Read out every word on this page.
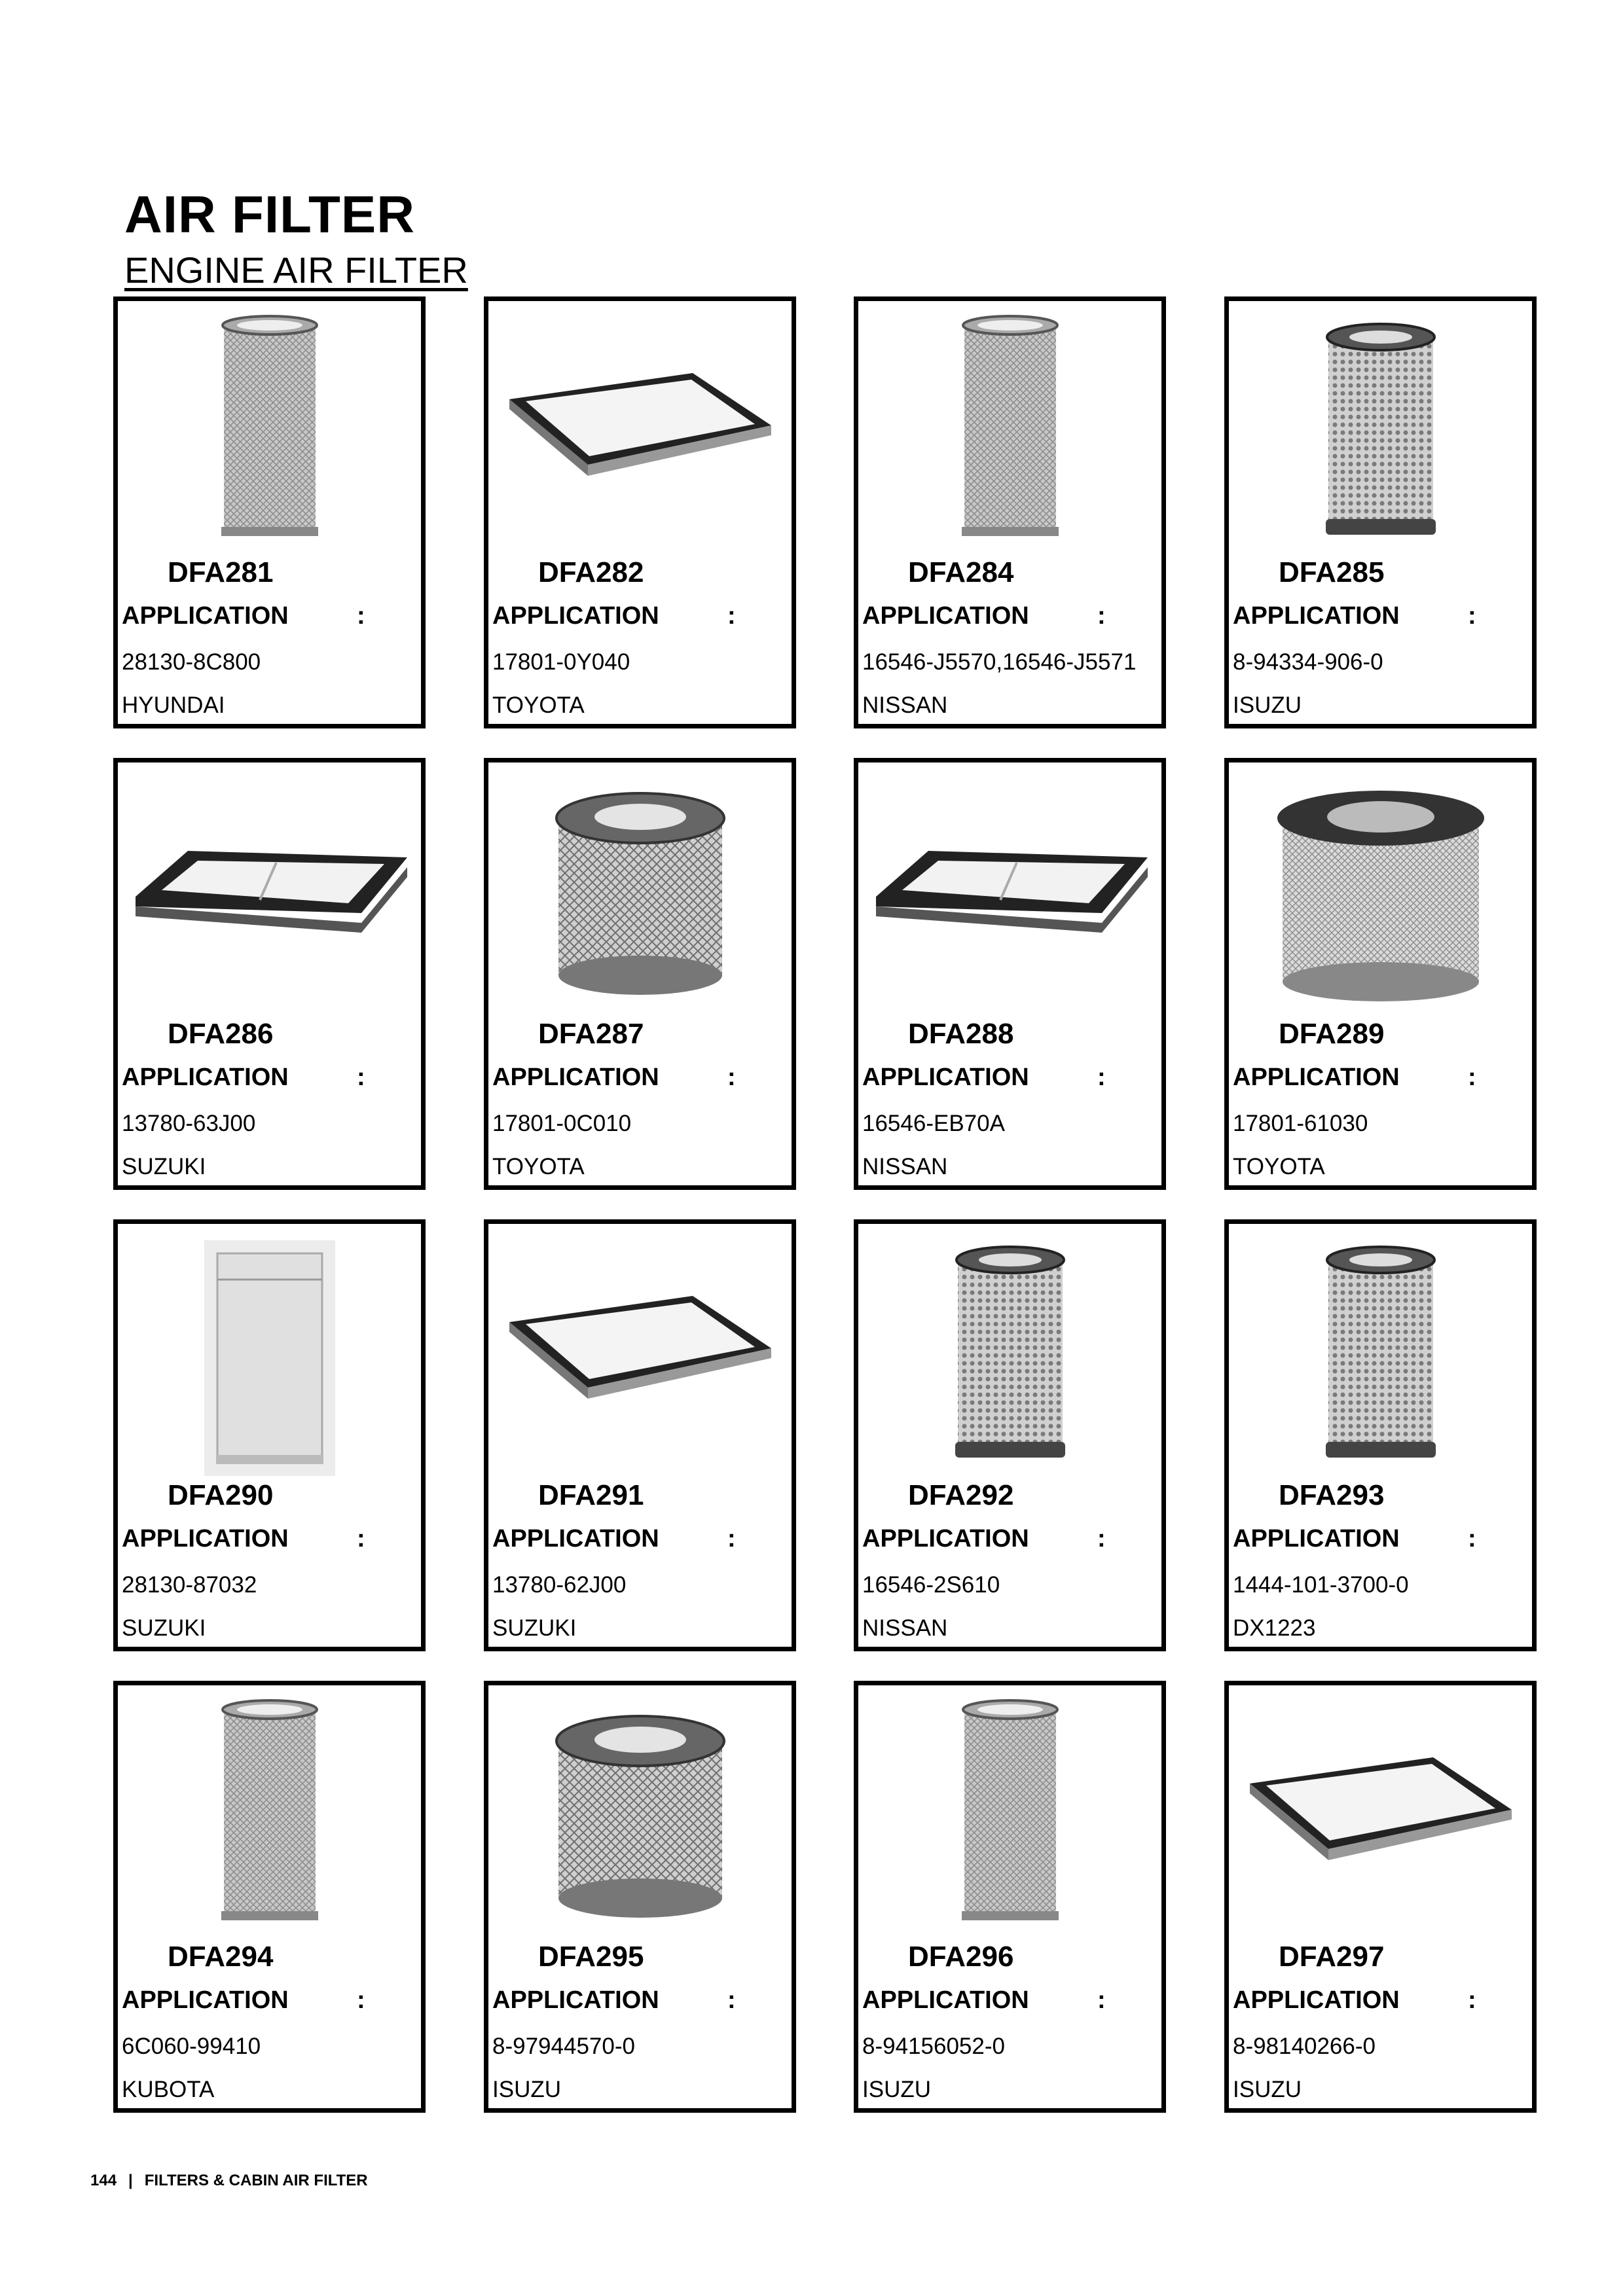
AIR FILTER
ENGINE AIR FILTER
DFA281
APPLICATION	:
28130-8C800
HYUNDAI
DFA282
APPLICATION	:
17801-0Y040
TOYOTA
DFA284
APPLICATION	:
16546-J5570,16546-J5571
NISSAN
DFA285
APPLICATION	:
8-94334-906-0
ISUZU
DFA286
APPLICATION	:
13780-63J00
SUZUKI
DFA287
APPLICATION	:
17801-0C010
TOYOTA
DFA288
APPLICATION	:
16546-EB70A
NISSAN
DFA289
APPLICATION	:
17801-61030
TOYOTA
DFA290
APPLICATION	:
28130-87032
SUZUKI
DFA291
APPLICATION	:
13780-62J00
SUZUKI
DFA292
APPLICATION	:
16546-2S610
NISSAN
DFA293
APPLICATION	:
1444-101-3700-0
DX1223
DFA294
APPLICATION	:
6C060-99410
KUBOTA
DFA295
APPLICATION	:
8-97944570-0
ISUZU
DFA296
APPLICATION	:
8-94156052-0
ISUZU
DFA297
APPLICATION	:
8-98140266-0
ISUZU
144 | FILTERS & CABIN AIR FILTER
